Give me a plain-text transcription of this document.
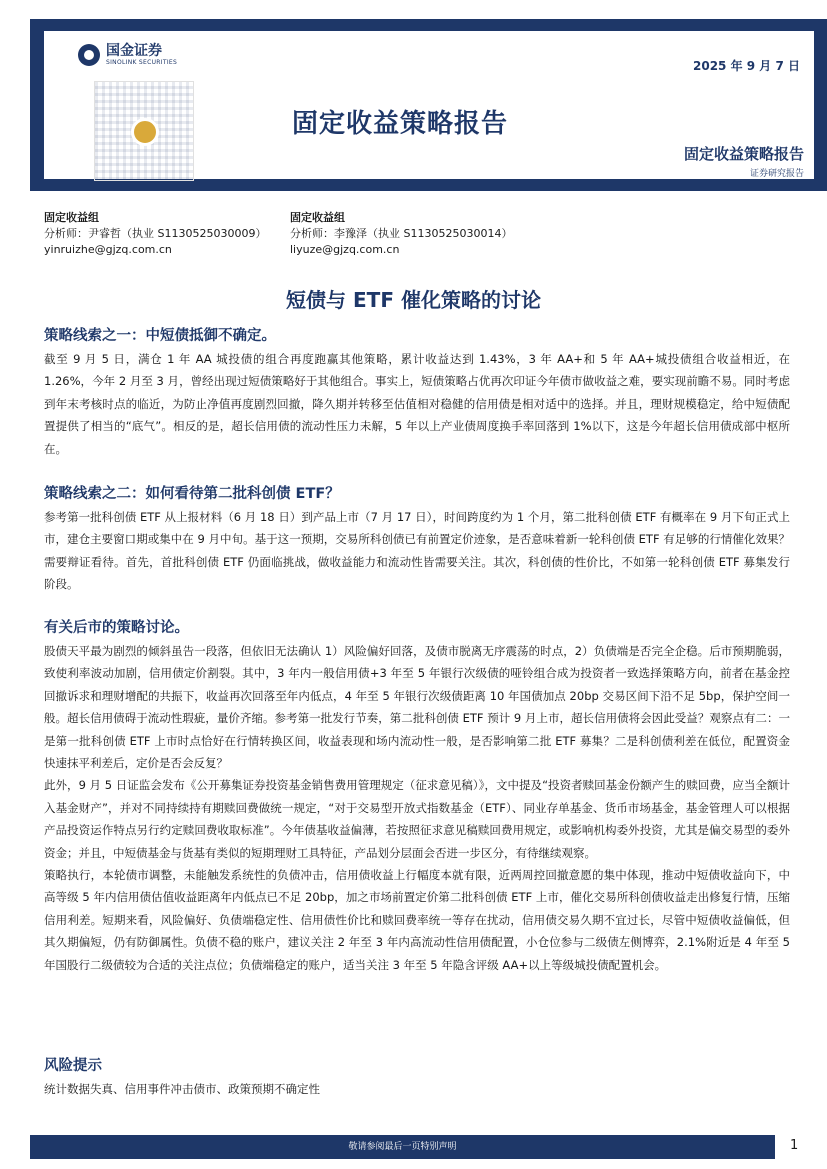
国金证券
SINOLINK SECURITIES	2025 年 9 月 7 日
固定收益策略报告
固定收益策略报告
证券研究报告
固定收益组
分析师：尹睿哲（执业 S1130525030009）
yinruizhe@gjzq.com.cn
固定收益组
分析师：李豫泽（执业 S1130525030014）
liyuze@gjzq.com.cn
短债与 ETF 催化策略的讨论
策略线索之一：中短债抵御不确定。

截至 9 月 5 日，满仓 1 年 AA 城投债的组合再度跑赢其他策略，累计收益达到 1.43%，3 年 AA+和 5 年 AA+城投债组合收益相近，在 1.26%，今年 2 月至 3 月，曾经出现过短债策略好于其他组合。事实上，短债策略占优再次印证今年债市做收益之难，要实现前瞻不易。同时考虑到年末考核时点的临近，为防止净值再度剧烈回撤，降久期并转移至估值相对稳健的信用债是相对适中的选择。并且，理财规模稳定，给中短债配置提供了相当的“底气”。相反的是，超长信用债的流动性压力未解，5 年以上产业债周度换手率回落到 1%以下，这是今年超长信用债成部中枢所在。

策略线索之二：如何看待第二批科创债 ETF？

参考第一批科创债 ETF 从上报材料（6 月 18 日）到产品上市（7 月 17 日），时间跨度约为 1 个月，第二批科创债 ETF 有概率在 9 月下旬正式上市，建仓主要窗口期或集中在 9 月中旬。基于这一预期，交易所科创债已有前置定价迹象，是否意味着新一轮科创债 ETF 有足够的行情催化效果？需要辩证看待。首先，首批科创债 ETF 仍面临挑战，做收益能力和流动性皆需要关注。其次，科创债的性价比，不如第一轮科创债 ETF 募集发行阶段。

有关后市的策略讨论。

股债天平最为剧烈的倾斜虽告一段落，但依旧无法确认 1）风险偏好回落，及债市脱离无序震荡的时点，2）负债端是否完全企稳。后市预期脆弱，致使利率波动加剧，信用债定价割裂。其中，3 年内一般信用债+3 年至 5 年银行次级债的哑铃组合成为投资者一致选择策略方向，前者在基金控回撤诉求和理财增配的共振下，收益再次回落至年内低点，4 年至 5 年银行次级债距离 10 年国债加点 20bp 交易区间下沿不足 5bp，保护空间一般。超长信用债碍于流动性瑕疵，量价齐缩。参考第一批发行节奏，第二批科创债 ETF 预计 9 月上市，超长信用债将会因此受益？观察点有二：一是第一批科创债 ETF 上市时点恰好在行情转换区间，收益表现和场内流动性一般，是否影响第二批 ETF 募集？二是科创债利差在低位，配置资金快速抹平利差后，定价是否会反复？

此外，9 月 5 日证监会发布《公开募集证券投资基金销售费用管理规定（征求意见稿）》，文中提及“投资者赎回基金份额产生的赎回费，应当全额计入基金财产”，并对不同持续持有期赎回费做统一规定，“对于交易型开放式指数基金（ETF）、同业存单基金、货币市场基金，基金管理人可以根据产品投资运作特点另行约定赎回费收取标准”。今年债基收益偏薄，若按照征求意见稿赎回费用规定，或影响机构委外投资，尤其是偏交易型的委外资金；并且，中短债基金与货基有类似的短期理财工具特征，产品划分层面会否进一步区分，有待继续观察。

策略执行，本轮债市调整，未能触发系统性的负债冲击，信用债收益上行幅度本就有限，近两周控回撤意愿的集中体现，推动中短债收益向下，中高等级 5 年内信用债估值收益距离年内低点已不足 20bp，加之市场前置定价第二批科创债 ETF 上市，催化交易所科创债收益走出修复行情，压缩信用利差。短期来看，风险偏好、负债端稳定性、信用债性价比和赎回费率统一等存在扰动，信用债交易久期不宜过长，尽管中短债收益偏低，但其久期偏短，仍有防御属性。负债不稳的账户，建议关注 2 年至 3 年内高流动性信用债配置，小仓位参与二级债左侧博弈，2.1%附近是 4 年至 5 年国股行二级债较为合适的关注点位；负债端稳定的账户，适当关注 3 年至 5 年隐含评级 AA+以上等级城投债配置机会。

风险提示

统计数据失真、信用事件冲击债市、政策预期不确定性

敬请参阅最后一页特别声明	1
